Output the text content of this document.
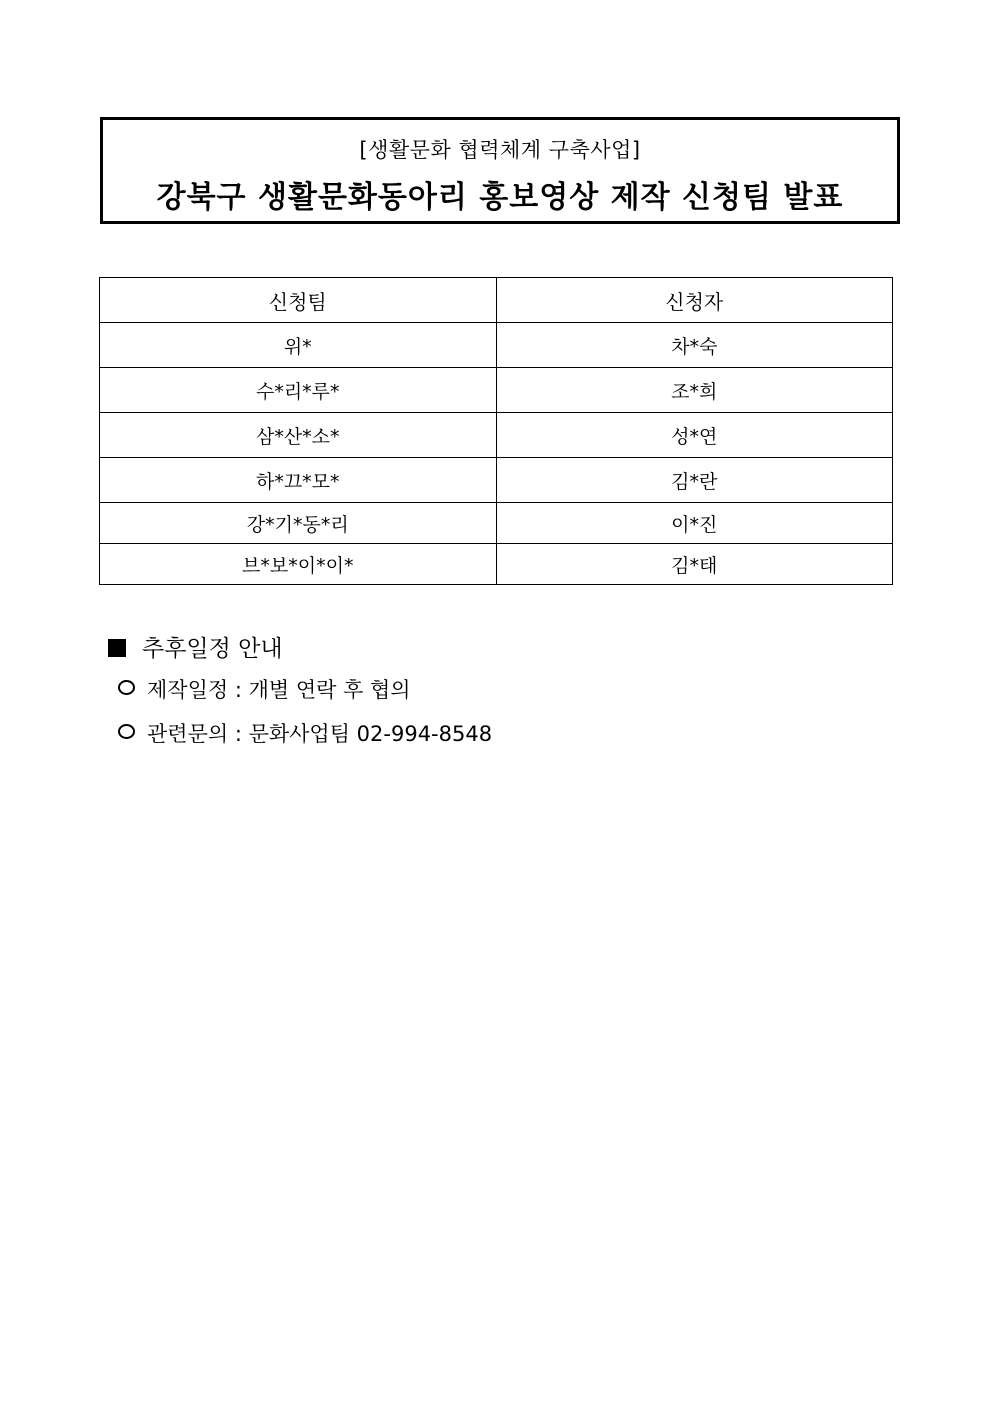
[생활문화 협력체계 구축사업]
강북구 생활문화동아리 홍보영상 제작 신청팀 발표
신청팀	신청자
위*	차*숙
수*리*루*	조*희
삼*산*소*	성*연
하*끄*모*	김*란
강*기*동*리	이*진
브*보*이*이*	김*태
추후일정 안내
제작일정 : 개별 연락 후 협의
관련문의 : 문화사업팀 02-994-8548
